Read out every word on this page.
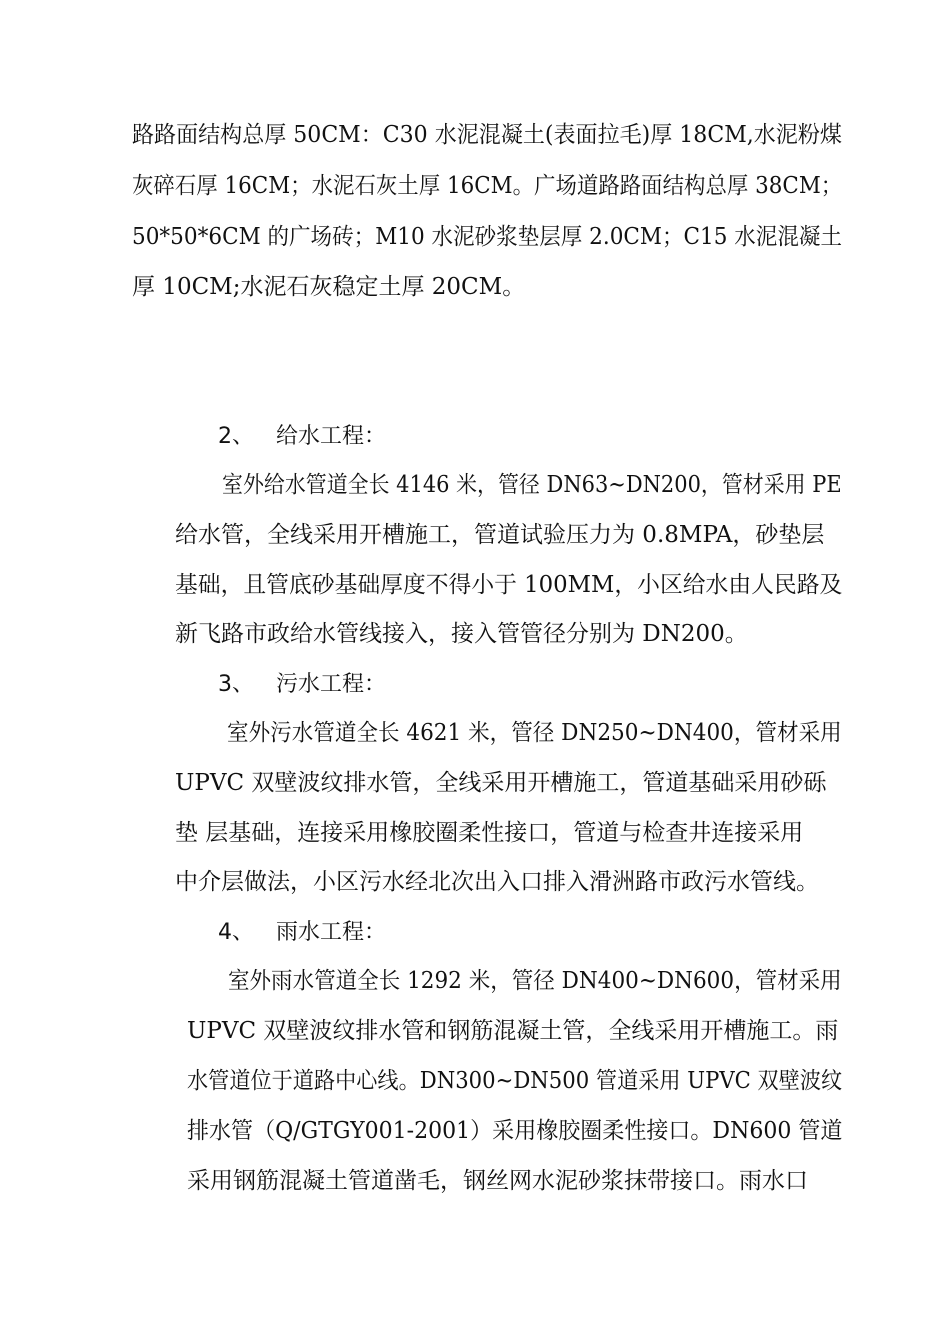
路路面结构总厚 50CM：C30 水泥混凝土(表面拉毛)厚 18CM,水泥粉煤
灰碎石厚 16CM；水泥石灰土厚 16CM。广场道路路面结构总厚 38CM；
50*50*6CM 的广场砖；M10 水泥砂浆垫层厚 2.0CM；C15 水泥混凝土
厚 10CM;水泥石灰稳定土厚 20CM。
2、 给水工程：
室外给水管道全长 4146 米，管径 DN63~DN200，管材采用 PE
给水管，全线采用开槽施工，管道试验压力为 0.8MPA，砂垫层
基础，且管底砂基础厚度不得小于 100MM，小区给水由人民路及
新飞路市政给水管线接入，接入管管径分别为 DN200。
3、 污水工程：
室外污水管道全长 4621 米，管径 DN250~DN400，管材采用
UPVC 双壁波纹排水管，全线采用开槽施工，管道基础采用砂砾
垫 层基础，连接采用橡胶圈柔性接口，管道与检查井连接采用
中介层做法，小区污水经北次出入口排入滑洲路市政污水管线。
4、 雨水工程：
室外雨水管道全长 1292 米，管径 DN400~DN600，管材采用
UPVC 双壁波纹排水管和钢筋混凝土管，全线采用开槽施工。雨
水管道位于道路中心线。DN300~DN500 管道采用 UPVC 双壁波纹
排水管（Q/GTGY001-2001）采用橡胶圈柔性接口。DN600 管道
采用钢筋混凝土管道凿毛，钢丝网水泥砂浆抹带接口。雨水口
